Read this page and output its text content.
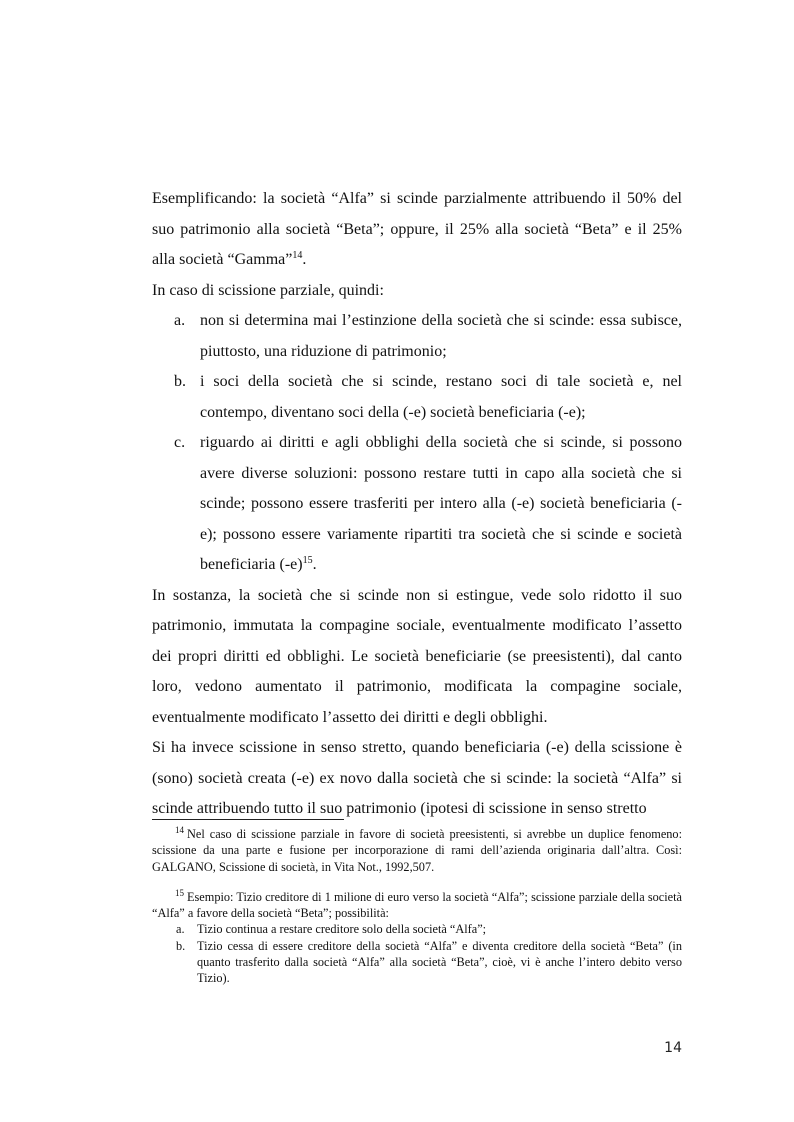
Esemplificando: la società “Alfa” si scinde parzialmente attribuendo il 50% del suo patrimonio alla società “Beta”; oppure, il 25% alla società “Beta” e il 25% alla società “Gamma”$^{14}$.

In caso di scissione parziale, quindi:

a. non si determina mai l’estinzione della società che si scinde: essa subisce, piuttosto, una riduzione di patrimonio;
b. i soci della società che si scinde, restano soci di tale società e, nel contempo, diventano soci della (-e) società beneficiaria (-e);
c. riguardo ai diritti e agli obblighi della società che si scinde, si possono avere diverse soluzioni: possono restare tutti in capo alla società che si scinde; possono essere trasferiti per intero alla (-e) società beneficiaria (-e); possono essere variamente ripartiti tra società che si scinde e società beneficiaria $(-e)^{15}$.

In sostanza, la società che si scinde non si estingue, vede solo ridotto il suo patrimonio, immutata la compagine sociale, eventualmente modificato l’assetto dei propri diritti ed obblighi. Le società beneficiarie (se preesistenti), dal canto loro, vedono aumentato il patrimonio, modificata la compagine sociale, eventualmente modificato l’assetto dei diritti e degli obblighi.

Si ha invece scissione in senso stretto, quando beneficiaria (-e) della scissione è (sono) società creata (-e) ex novo dalla società che si scinde: la società “Alfa” si scinde attribuendo tutto il suo patrimonio (ipotesi di scissione in senso stretto

$^{14}$ Nel caso di scissione parziale in favore di società preesistenti, si avrebbe un duplice fenomeno: scissione da una parte e fusione per incorporazione di rami dell’azienda originaria dall’altra. Così: GALGANO, Scissione di società, in Vita Not., 1992,507.

$^{15}$ Esempio: Tizio creditore di 1 milione di euro verso la società “Alfa”; scissione parziale della società “Alfa” a favore della società “Beta”; possibilità:

a. Tizio continua a restare creditore solo della società “Alfa”;
b. Tizio cessa di essere creditore della società “Alfa” e diventa creditore della società “Beta” (in quanto trasferito dalla società “Alfa” alla società “Beta”, cioè, vi è anche l’intero debito verso Tizio).
14
